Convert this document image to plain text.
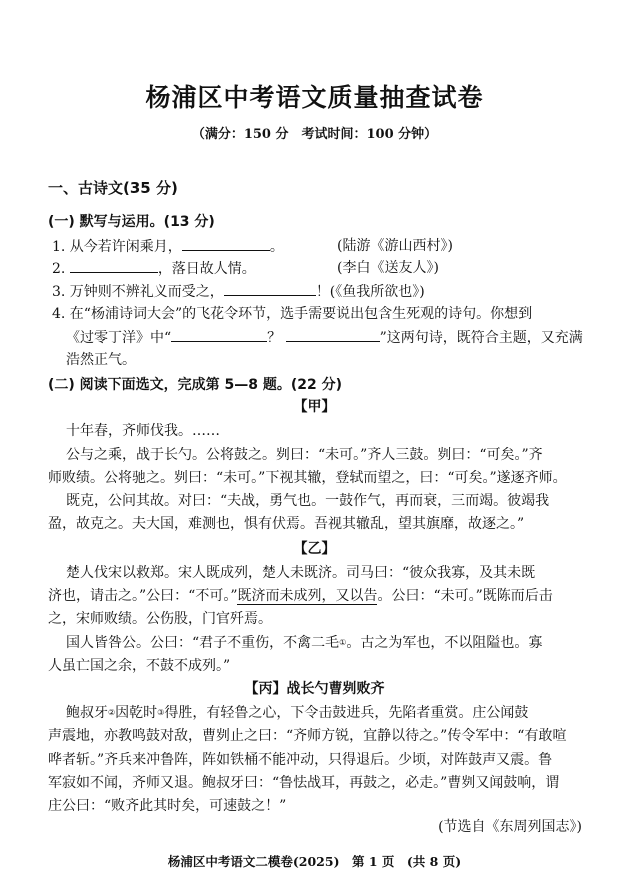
杨浦区中考语文质量抽查试卷
（满分：150 分　考试时间：100 分钟）
一、古诗文(35 分)
(一) 默写与运用。(13 分)
1. 从今若许闲乘月，	。	(陆游《游山西村》)
2.	，落日故人情。	(李白《送友人》)
3. 万钟则不辨礼义而受之，	！(《鱼我所欲也》)
4. 在“杨浦诗词大会”的飞花令环节，选手需要说出包含生死观的诗句。你想到
《过零丁洋》中“	？	”这两句诗，既符合主题，又充满
浩然正气。
(二) 阅读下面选文，完成第 5—8 题。(22 分)
【甲】
十年春，齐师伐我。……
公与之乘，战于长勺。公将鼓之。刿曰：“未可。”齐人三鼓。刿曰：“可矣。”齐
师败绩。公将驰之。刿曰：“未可。”下视其辙，登轼而望之，曰：“可矣。”遂逐齐师。
既克，公问其故。对曰：“夫战，勇气也。一鼓作气，再而衰，三而竭。彼竭我
盈，故克之。夫大国，难测也，惧有伏焉。吾视其辙乱，望其旗靡，故逐之。”
【乙】
楚人伐宋以救郑。宋人既成列，楚人未既济。司马曰：“彼众我寡，及其未既
济也，请击之。”公曰：“不可。”既济而未成列，又以告。公曰：“未可。”既陈而后击
之，宋师败绩。公伤股，门官歼焉。
国人皆咎公。公曰：“君子不重伤，不禽二毛①。古之为军也，不以阻隘也。寡
人虽亡国之余，不鼓不成列。”
【丙】战长勺曹刿败齐
鲍叔牙②因乾时③得胜，有轻鲁之心，下令击鼓进兵，先陷者重赏。庄公闻鼓
声震地，亦教鸣鼓对敌，曹刿止之曰：“齐师方锐，宜静以待之。”传令军中：“有敢喧
哗者斩。”齐兵来冲鲁阵，阵如铁桶不能冲动，只得退后。少顷，对阵鼓声又震。鲁
军寂如不闻，齐师又退。鲍叔牙曰：“鲁怯战耳，再鼓之，必走。”曹刿又闻鼓响，谓
庄公曰：“败齐此其时矣，可速鼓之！”
(节选自《东周列国志》)
杨浦区中考语文二模卷(2025)　第 1 页　(共 8 页)
